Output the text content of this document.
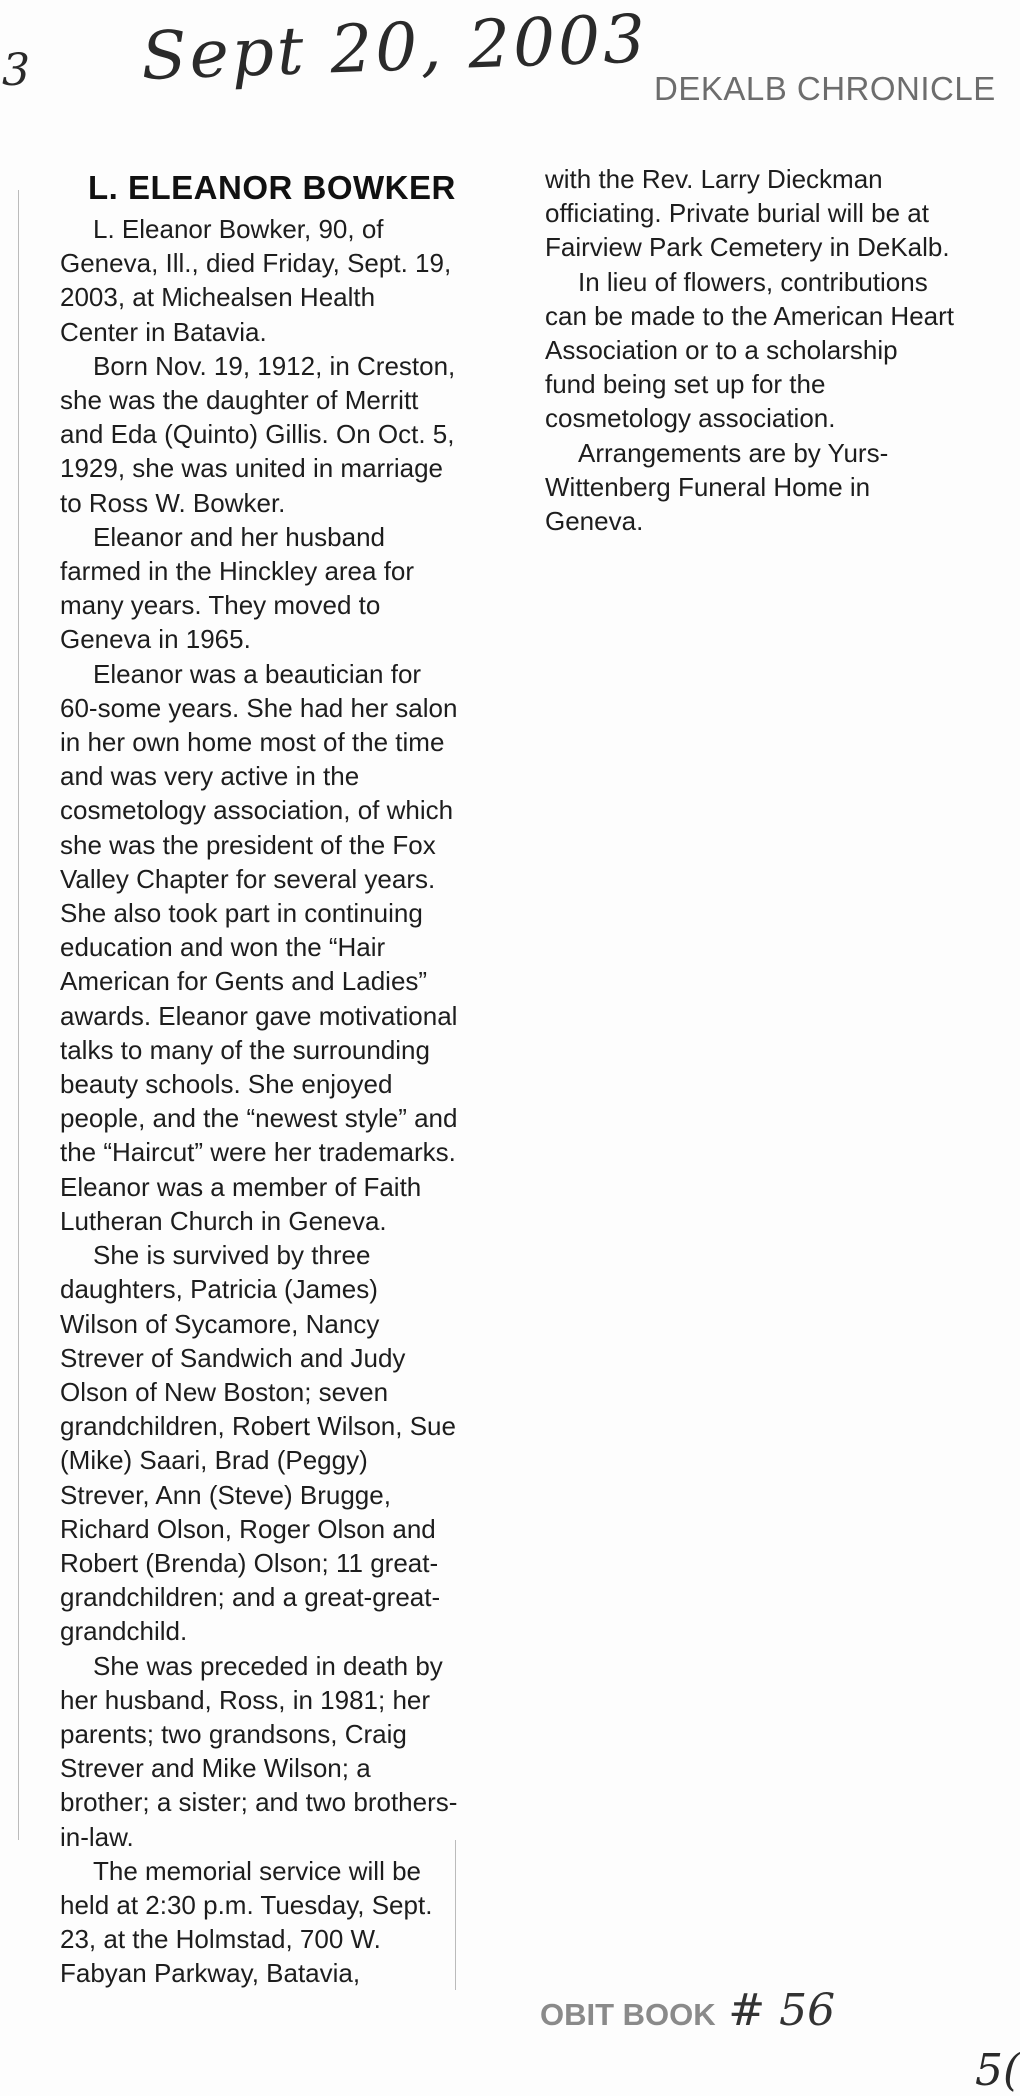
3 Sept 20, 2003 DEKALB CHRONICLE
L. ELEANOR BOWKER

L. Eleanor Bowker, 90, of Geneva, Ill., died Friday, Sept. 19, 2003, at Michealsen Health Center in Batavia.

Born Nov. 19, 1912, in Creston, she was the daughter of Merritt and Eda (Quinto) Gillis. On Oct. 5, 1929, she was united in marriage to Ross W. Bowker.

Eleanor and her husband farmed in the Hinckley area for many years. They moved to Geneva in 1965.

Eleanor was a beautician for 60-some years. She had her salon in her own home most of the time and was very active in the cosmetology association, of which she was the president of the Fox Valley Chapter for several years. She also took part in continuing education and won the “Hair American for Gents and Ladies” awards. Eleanor gave motivational talks to many of the surrounding beauty schools. She enjoyed people, and the “newest style” and the “Haircut” were her trademarks. Eleanor was a member of Faith Lutheran Church in Geneva.

She is survived by three daughters, Patricia (James) Wilson of Sycamore, Nancy Strever of Sandwich and Judy Olson of New Boston; seven grandchildren, Robert Wilson, Sue (Mike) Saari, Brad (Peggy) Strever, Ann (Steve) Brugge, Richard Olson, Roger Olson and Robert (Brenda) Olson; 11 great-grandchildren; and a great-great-grandchild.

She was preceded in death by her husband, Ross, in 1981; her parents; two grandsons, Craig Strever and Mike Wilson; a brother; a sister; and two brothers-in-law.

The memorial service will be held at 2:30 p.m. Tuesday, Sept. 23, at the Holmstad, 700 W. Fabyan Parkway, Batavia,

with the Rev. Larry Dieckman officiating. Private burial will be at Fairview Park Cemetery in DeKalb.

In lieu of flowers, contributions can be made to the American Heart Association or to a scholarship fund being set up for the cosmetology association.

Arrangements are by Yurs-Wittenberg Funeral Home in Geneva.

OBIT BOOK # 56
5(
